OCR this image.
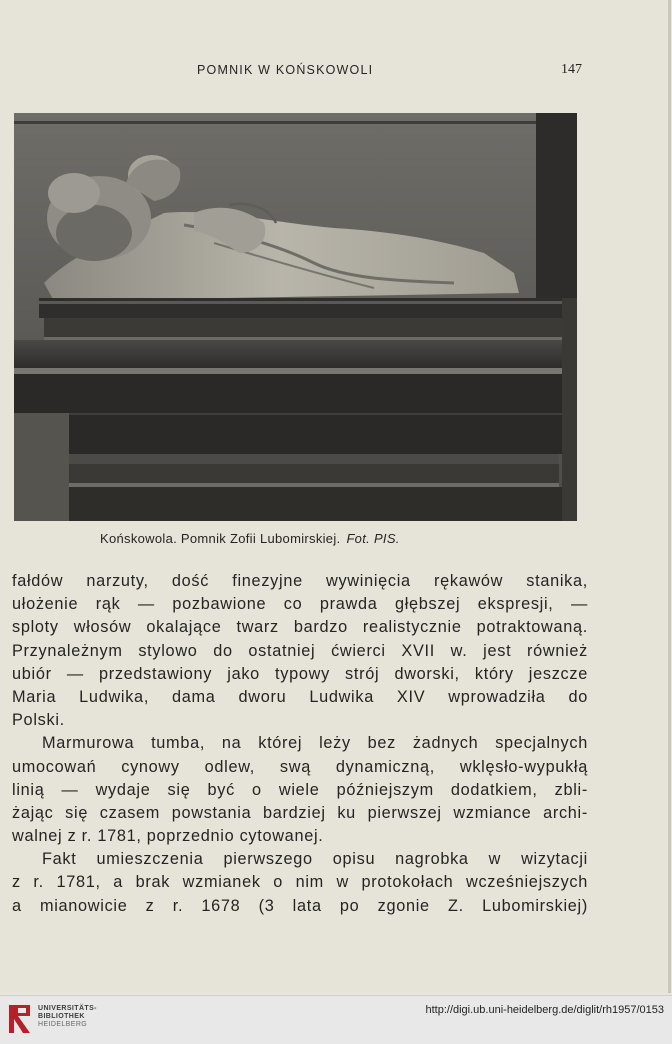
POMNIK W KOŃSKOWOLI	147
Końskowola. Pomnik Zofii Lubomirskiej. Fot. PIS.
fałdów narzuty, dość finezyjne wywinięcia rękawów stanika,
ułożenie rąk — pozbawione co prawda głębszej ekspresji, —
sploty włosów okalające twarz bardzo realistycznie potraktowaną.
Przynależnym stylowo do ostatniej ćwierci XVII w. jest również
ubiór — przedstawiony jako typowy strój dworski, który jeszcze
Maria Ludwika, dama dworu Ludwika XIV wprowadziła do
Polski.
Marmurowa tumba, na której leży bez żadnych specjalnych
umocowań cynowy odlew, swą dynamiczną, wklęsło-wypukłą
linią — wydaje się być o wiele późniejszym dodatkiem, zbli-
żając się czasem powstania bardziej ku pierwszej wzmiance archi-
walnej z r. 1781, poprzednio cytowanej.
Fakt umieszczenia pierwszego opisu nagrobka w wizytacji
z r. 1781, a brak wzmianek o nim w protokołach wcześniejszych
a mianowicie z r. 1678 (3 lata po zgonie Z. Lubomirskiej)
UNIVERSITÄTS-
BIBLIOTHEK
HEIDELBERG
http://digi.ub.uni-heidelberg.de/diglit/rh1957/0153
